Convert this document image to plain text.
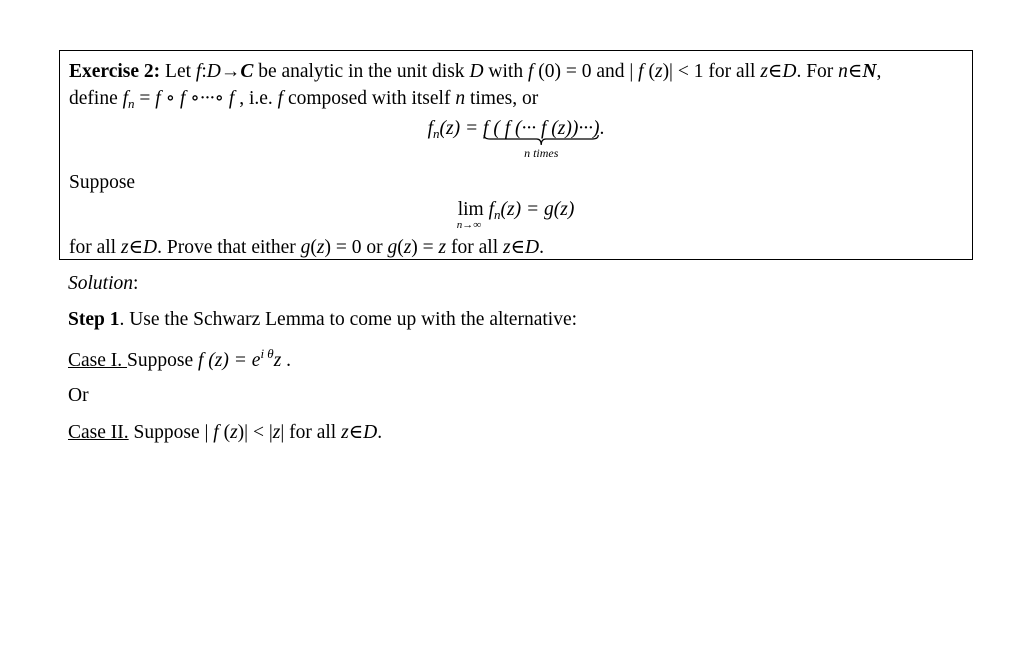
Exercise 2: Let f:D→C be analytic in the unit disk D with f (0) = 0 and | f (z)| < 1 for all z∈D. For n∈N,
define $f_n = f$ ∘ f ∘···∘ f , i.e. f composed with itself n times, or
$f_n(z) = f$ ( f (··· f (z))···)
n times
.
Suppose
lim
n→∞
$f_n(z) = g(z)$
for all z∈D. Prove that either g(z) = 0 or g(z) = z for all z∈D.
Solution:
Step 1. Use the Schwarz Lemma to come up with the alternative:
Case I. Suppose f $(z) = e^{i \theta}z$ .
Or
Case II. Suppose | f (z)| < |z| for all z∈D.
